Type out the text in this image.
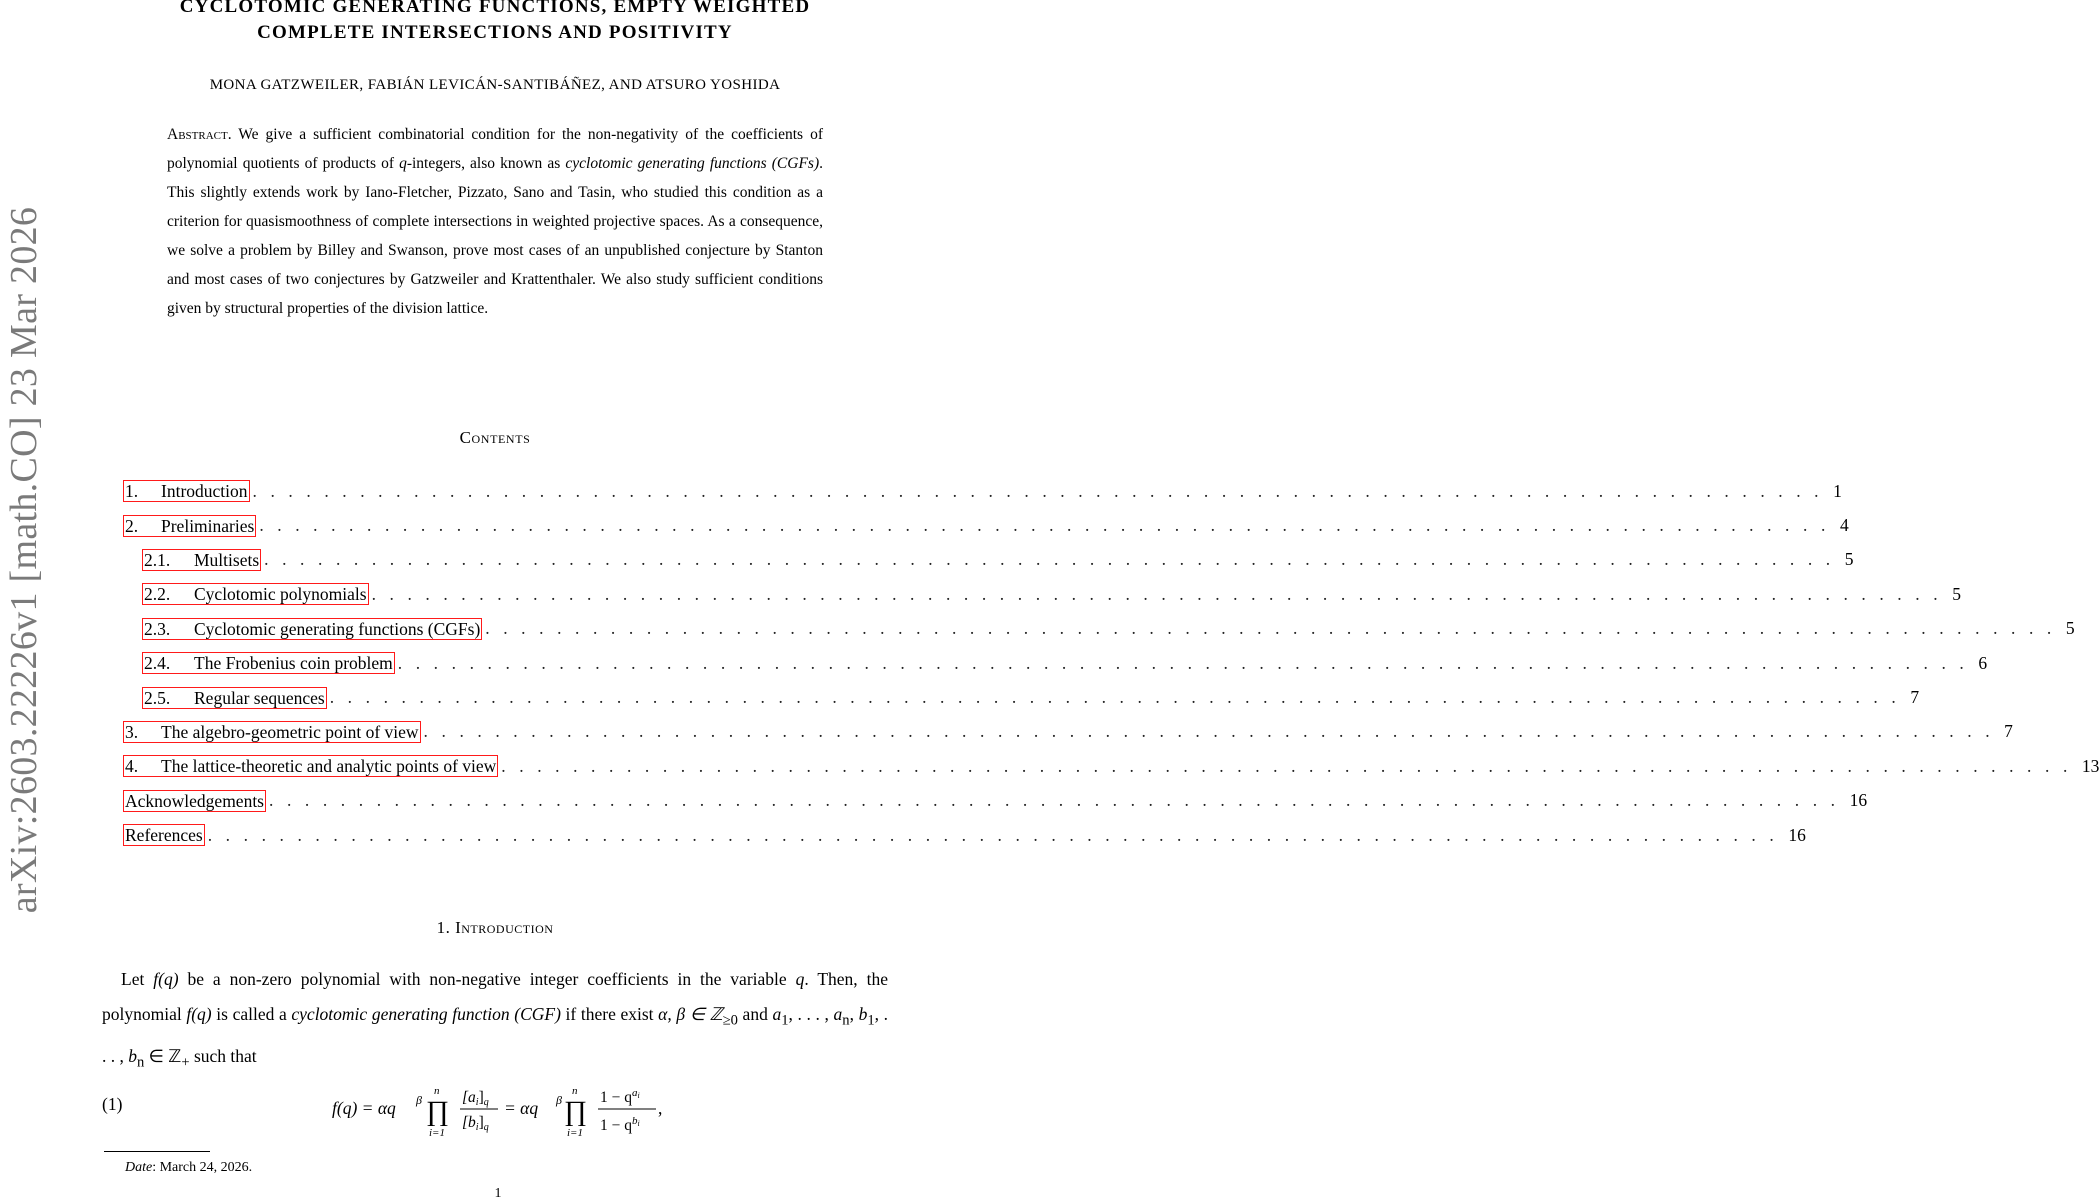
arXiv:2603.22226v1 [math.CO] 23 Mar 2026
CYCLOTOMIC GENERATING FUNCTIONS, EMPTY WEIGHTED
COMPLETE INTERSECTIONS AND POSITIVITY
MONA GATZWEILER, FABIÁN LEVICÁN-SANTIBÁÑEZ, AND ATSURO YOSHIDA
Abstract. We give a sufficient combinatorial condition for the non-negativity of the coefficients of polynomial quotients of products of q-integers, also known as cyclotomic generating functions (CGFs). This slightly extends work by Iano-Fletcher, Pizzato, Sano and Tasin, who studied this condition as a criterion for quasismoothness of complete intersections in weighted projective spaces. As a consequence, we solve a problem by Billey and Swanson, prove most cases of an unpublished conjecture by Stanton and most cases of two conjectures by Gatzweiler and Krattenthaler. We also study sufficient conditions given by structural properties of the division lattice.
Contents
1. Introduction . . . . . . . . . . . . . . . . . . . . . . . . . . . . . . . . . . . . . . . . . . . . . . . . . . . . . . . . . . . . . . . . . . . . . . . . . . . . . . . . . . . . . . . . 1
2. Preliminaries . . . . . . . . . . . . . . . . . . . . . . . . . . . . . . . . . . . . . . . . . . . . . . . . . . . . . . . . . . . . . . . . . . . . . . . . . . . . . . . . . . . . . . . . 4
2.1. Multisets . . . . . . . . . . . . . . . . . . . . . . . . . . . . . . . . . . . . . . . . . . . . . . . . . . . . . . . . . . . . . . . . . . . . . . . . . . . . . . . . . . . . . . . . 5
2.2. Cyclotomic polynomials . . . . . . . . . . . . . . . . . . . . . . . . . . . . . . . . . . . . . . . . . . . . . . . . . . . . . . . . . . . . . . . . . . . . . . . . . . . . . . . . . . . . . . . . 5
2.3. Cyclotomic generating functions (CGFs) . . . . . . . . . . . . . . . . . . . . . . . . . . . . . . . . . . . . . . . . . . . . . . . . . . . . . . . . . . . . . . . . . . . . . . . . . . . . . . . . . . . . . . . . 5
2.4. The Frobenius coin problem . . . . . . . . . . . . . . . . . . . . . . . . . . . . . . . . . . . . . . . . . . . . . . . . . . . . . . . . . . . . . . . . . . . . . . . . . . . . . . . . . . . . . . . . 6
2.5. Regular sequences . . . . . . . . . . . . . . . . . . . . . . . . . . . . . . . . . . . . . . . . . . . . . . . . . . . . . . . . . . . . . . . . . . . . . . . . . . . . . . . . . . . . . . . . 7
3. The algebro-geometric point of view . . . . . . . . . . . . . . . . . . . . . . . . . . . . . . . . . . . . . . . . . . . . . . . . . . . . . . . . . . . . . . . . . . . . . . . . . . . . . . . . . . . . . . . . 7
4. The lattice-theoretic and analytic points of view . . . . . . . . . . . . . . . . . . . . . . . . . . . . . . . . . . . . . . . . . . . . . . . . . . . . . . . . . . . . . . . . . . . . . . . . . . . . . . . . . . . . . . . . 13
Acknowledgements . . . . . . . . . . . . . . . . . . . . . . . . . . . . . . . . . . . . . . . . . . . . . . . . . . . . . . . . . . . . . . . . . . . . . . . . . . . . . . . . . . . . . . . . 16
References . . . . . . . . . . . . . . . . . . . . . . . . . . . . . . . . . . . . . . . . . . . . . . . . . . . . . . . . . . . . . . . . . . . . . . . . . . . . . . . . . . . . . . . . 16
1. Introduction
Let f(q) be a non-zero polynomial with non-negative integer coefficients in the variable q. Then, the polynomial f(q) is called a cyclotomic generating function (CGF) if there exist α, β ∈ ℤ$_{\ge 0}$ and $a_1$, . . . , $a_n$, $b_1$, . . . , $b_n$ ∈ ℤ$_+$ such that
(1)	f(q) = αq β
n
∏
i=1
[ai]q
[bi]q
= αq β
n
∏
i=1
$1 - q^ai$
$1 - q^bi$
,
Date: March 24, 2026.
1
